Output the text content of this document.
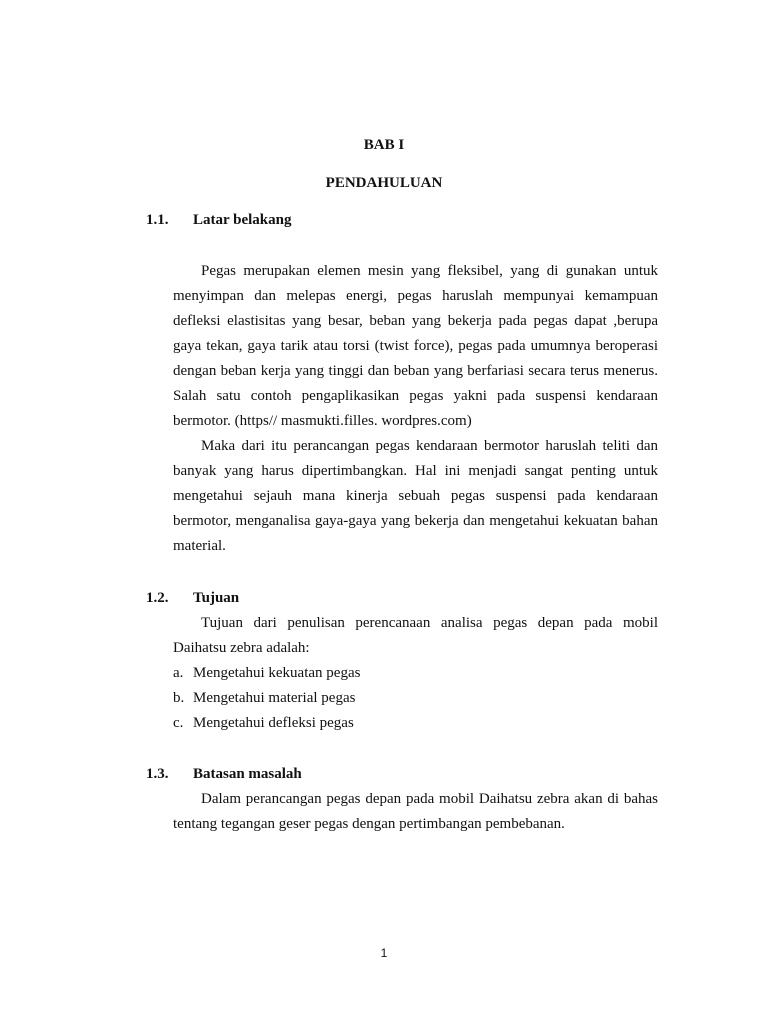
BAB I
PENDAHULUAN
1.1. Latar belakang

Pegas merupakan elemen mesin yang fleksibel, yang di gunakan untuk menyimpan dan melepas energi, pegas haruslah mempunyai kemampuan defleksi elastisitas yang besar, beban yang bekerja pada pegas dapat ,berupa gaya tekan, gaya tarik atau torsi (twist force), pegas pada umumnya beroperasi dengan beban kerja yang tinggi dan beban yang berfariasi secara terus menerus. Salah satu contoh pengaplikasikan pegas yakni pada suspensi kendaraan bermotor. (https// masmukti.filles. wordpres.com)

Maka dari itu perancangan pegas kendaraan bermotor haruslah teliti dan banyak yang harus dipertimbangkan. Hal ini menjadi sangat penting untuk mengetahui sejauh mana kinerja sebuah pegas suspensi pada kendaraan bermotor, menganalisa gaya-gaya yang bekerja dan mengetahui kekuatan bahan material.

1.2. Tujuan

Tujuan dari penulisan perencanaan analisa pegas depan pada mobil Daihatsu zebra adalah:

a. Mengetahui kekuatan pegas
b. Mengetahui material pegas
c. Mengetahui defleksi pegas
1.3. Batasan masalah

Dalam perancangan pegas depan pada mobil Daihatsu zebra akan di bahas tentang tegangan geser pegas dengan pertimbangan pembebanan.

1
